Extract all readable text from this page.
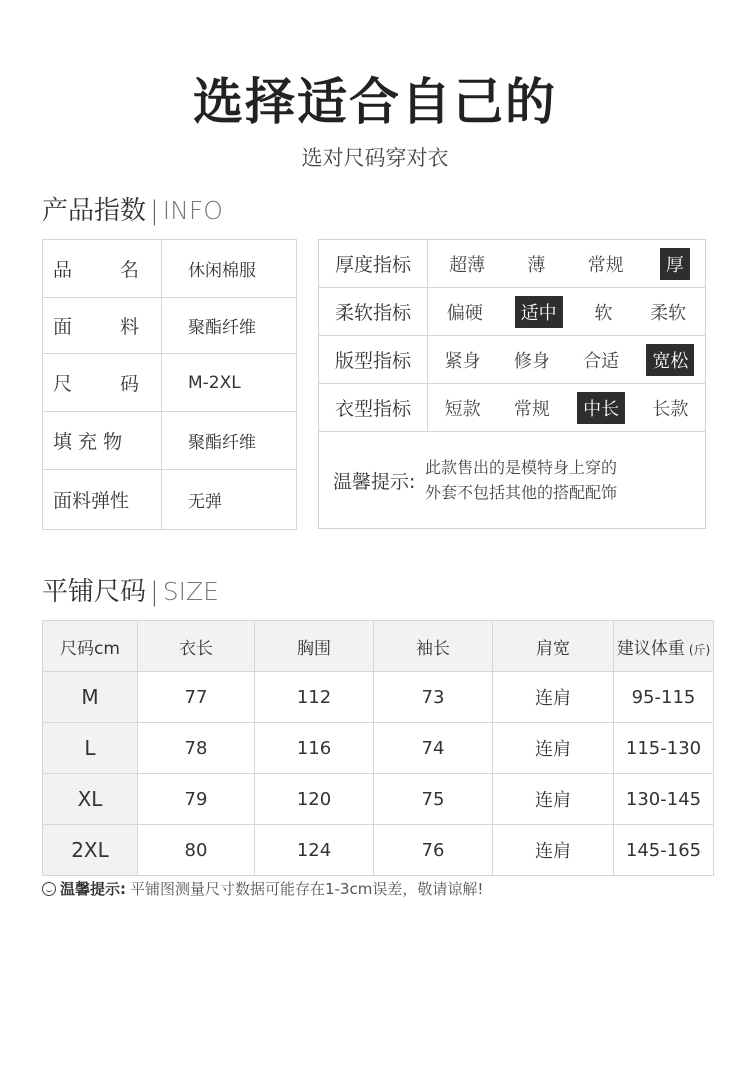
选择适合自己的
选对尺码穿对衣
产品指数 | INFO
品 名	休闲棉服

面 料	聚酯纤维

尺 码	M-2XL
填 充 物	聚酯纤维
面料弹性	无弹
厚度指标	超薄	薄	常规	厚
柔软指标	偏硬	适中	软	柔软
版型指标	紧身	修身	合适	宽松
衣型指标	短款	常规	中长	长款
温馨提示:
此款售出的是模特身上穿的
外套不包括其他的搭配配饰
平铺尺码 | SIZE
尺码cm	衣长	胸围	袖长	肩宽	建议体重 (斤)
M	77	112	73	连肩	95-115
L	78	116	74	连肩	115-130
XL	79	120	75	连肩	130-145
2XL	80	124	76	连肩	145-165
温馨提示: 平铺图测量尺寸数据可能存在1-3cm误差，敬请谅解!
